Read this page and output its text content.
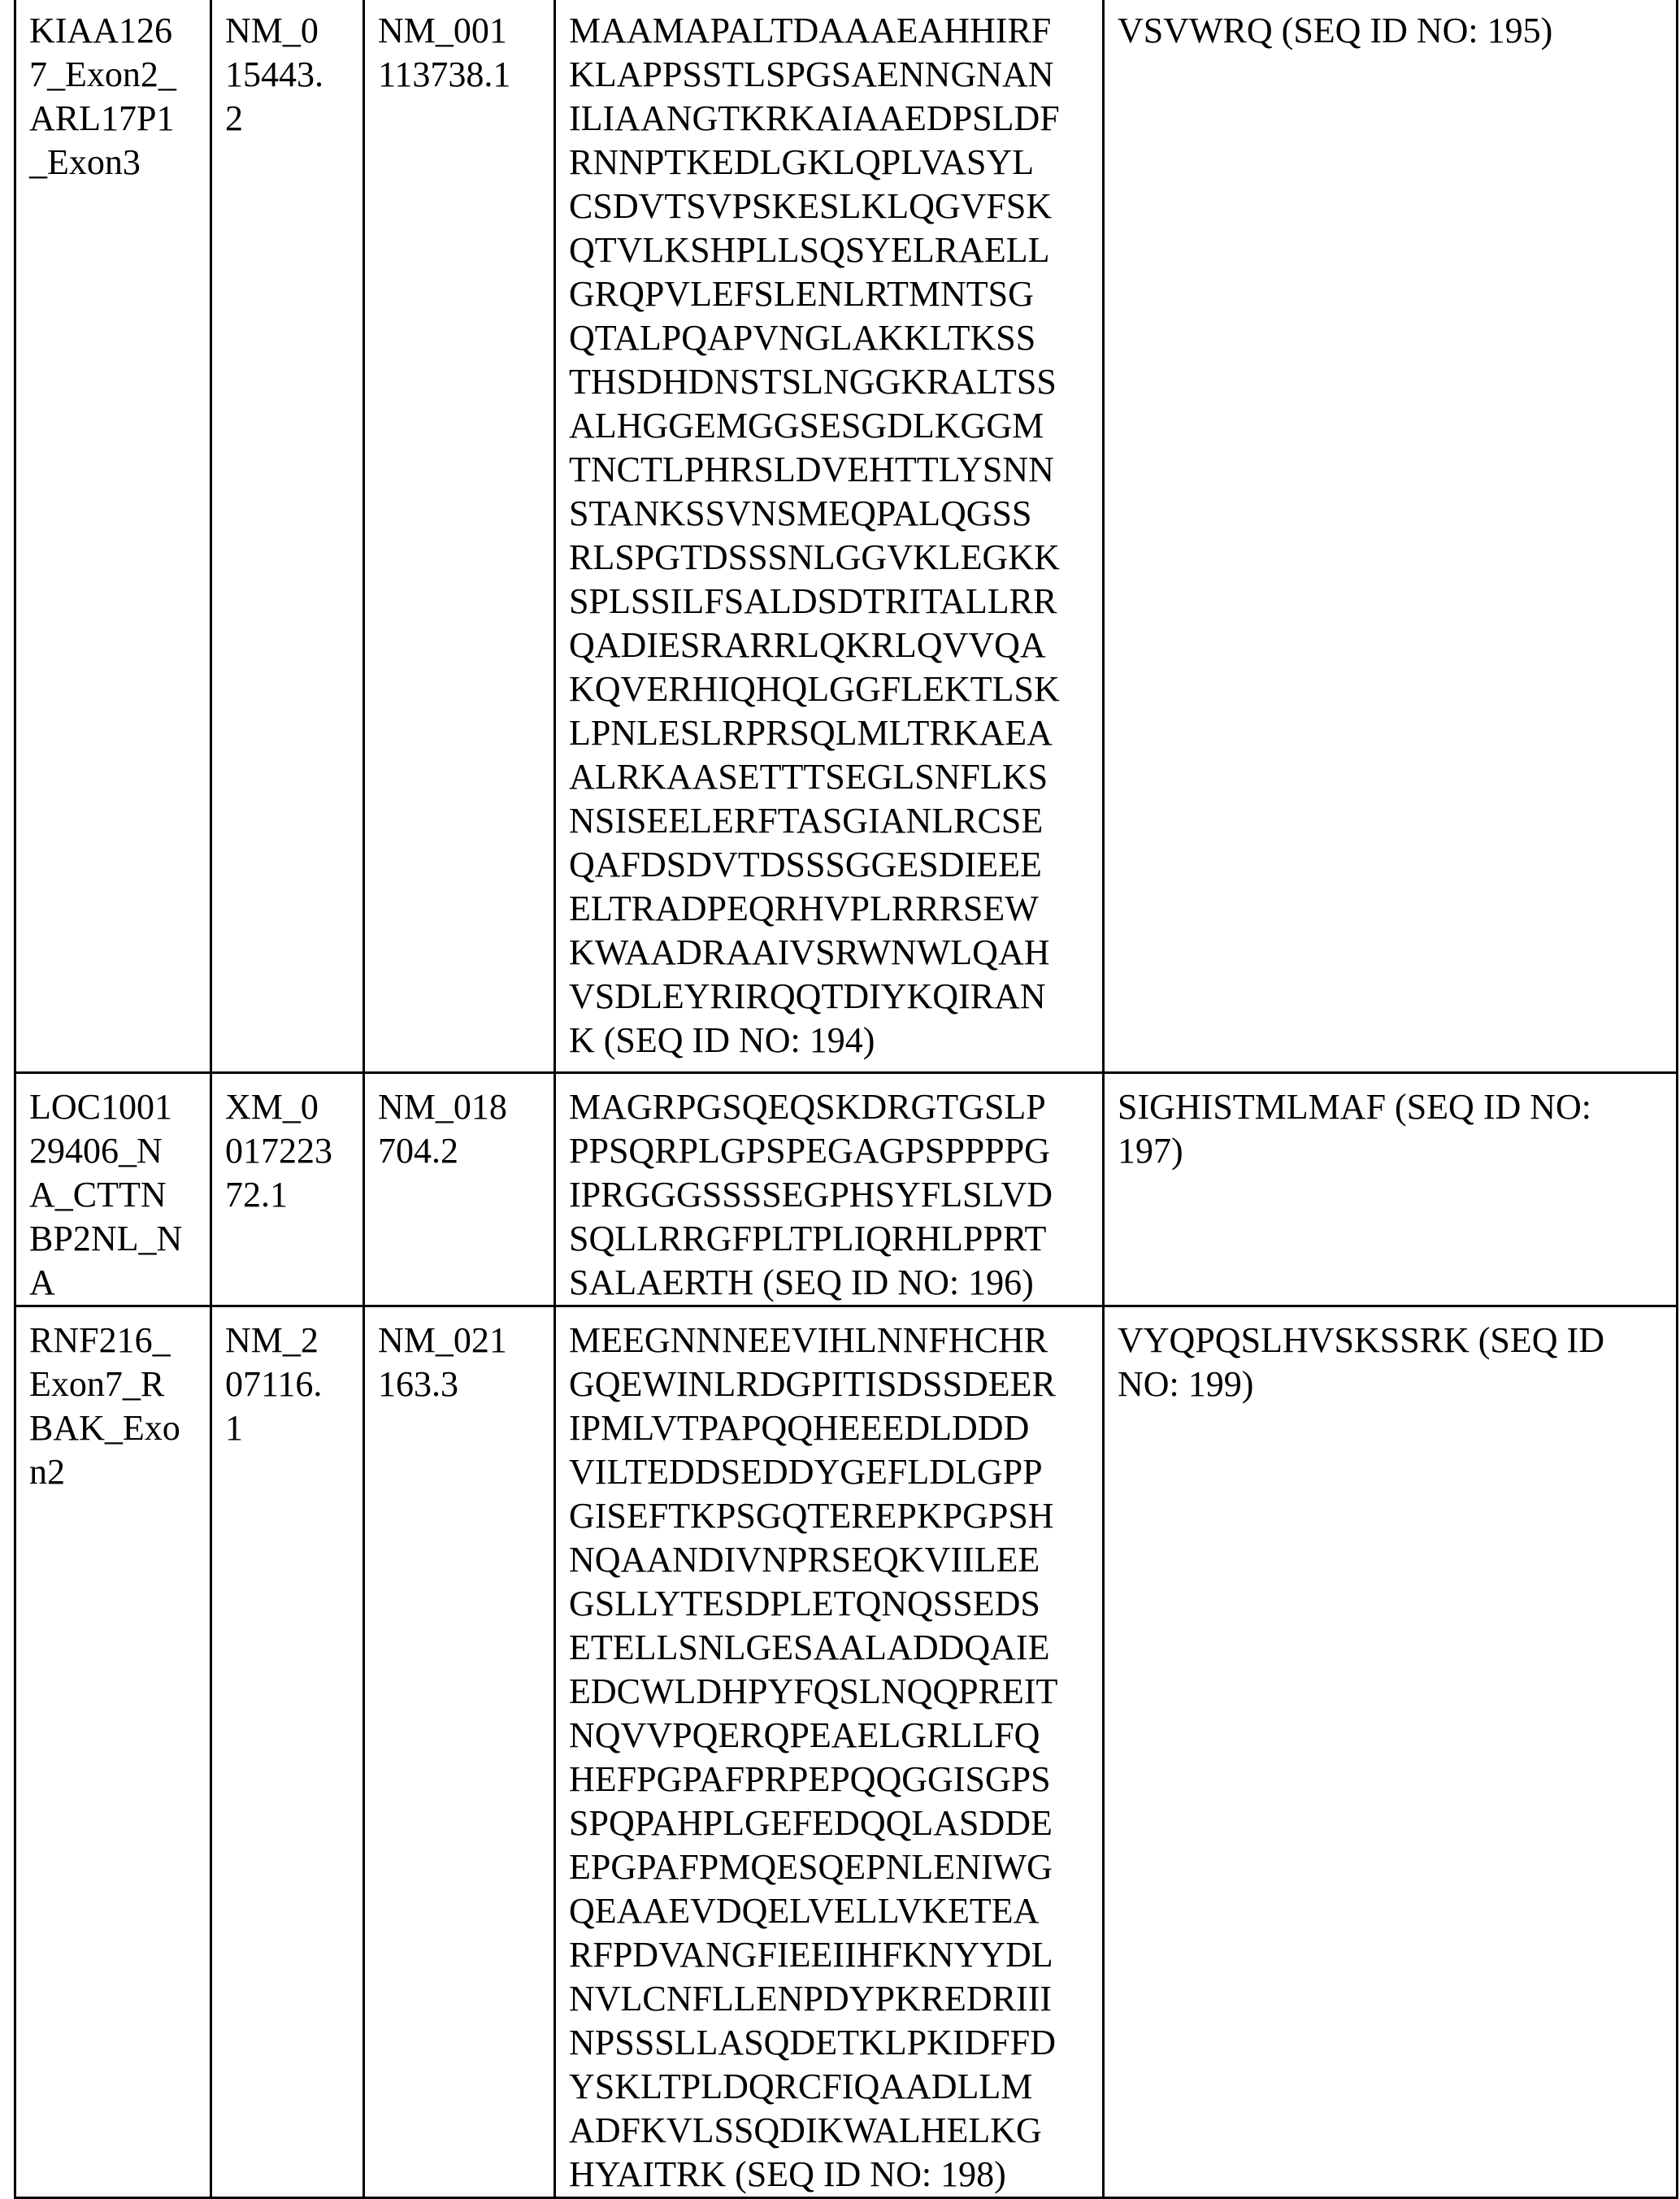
KIAA126
7_Exon2_
ARL17P1
_Exon3

NM_0
15443.
2

NM_001
113738.1

MAAMAPALTDAAAEAHHIRF
KLAPPSSTLSPGSAENNGNAN
ILIAANGTKRKAIAAEDPSLDF
RNNPTKEDLGKLQPLVASYL
CSDVTSVPSKESLKLQGVFSK
QTVLKSHPLLSQSYELRAELL
GRQPVLEFSLENLRTMNTSG
QTALPQAPVNGLAKKLTKSS
THSDHDNSTSLNGGKRALTSS
ALHGGEMGGSESGDLKGGM
TNCTLPHRSLDVEHTTLYSNN
STANKSSVNSMEQPALQGSS
RLSPGTDSSSNLGGVKLEGKK
SPLSSILFSALDSDTRITALLRR
QADIESRARRLQKRLQVVQA
KQVERHIQHQLGGFLEKTLSK
LPNLESLRPRSQLMLTRKAEA
ALRKAASETTTSEGLSNFLKS
NSISEELERFTASGIANLRCSE
QAFDSDVTDSSSGGESDIEEE
ELTRADPEQRHVPLRRRSEW
KWAADRAAIVSRWNWLQAH
VSDLEYRIRQQTDIYKQIRAN
K (SEQ ID NO: 194)

VSVWRQ (SEQ ID NO: 195)

LOC1001
29406_N
A_CTTN
BP2NL_N
A

XM_0
017223
72.1

NM_018
704.2

MAGRPGSQEQSKDRGTGSLP
PPSQRPLGPSPEGAGPSPPPPG
IPRGGGSSSSEGPHSYFLSLVD
SQLLRRGFPLTPLIQRHLPPRT
SALAERTH (SEQ ID NO: 196)

SIGHISTMLMAF (SEQ ID NO:
197)

RNF216_
Exon7_R
BAK_Exo
n2

NM_2
07116.
1

NM_021
163.3

MEEGNNNEEVIHLNNFHCHR
GQEWINLRDGPITISDSSDEER
IPMLVTPAPQQHEEEDLDDD
VILTEDDSEDDYGEFLDLGPP
GISEFTKPSGQTEREPKPGPSH
NQAANDIVNPRSEQKVIILEE
GSLLYTESDPLETQNQSSEDS
ETELLSNLGESAALADDQAIE
EDCWLDHPYFQSLNQQPREIT
NQVVPQERQPEAELGRLLFQ
HEFPGPAFPRPEPQQGGISGPS
SPQPAHPLGEFEDQQLASDDE
EPGPAFPMQESQEPNLENIWG
QEAAEVDQELVELLVKETEA
RFPDVANGFIEEIIHFKNYYDL
NVLCNFLLENPDYPKREDRIII
NPSSSLLASQDETKLPKIDFFD
YSKLTPLDQRCFIQAADLLM
ADFKVLSSQDIKWALHELKG
HYAITRK (SEQ ID NO: 198)

VYQPQSLHVSKSSRK (SEQ ID
NO: 199)
